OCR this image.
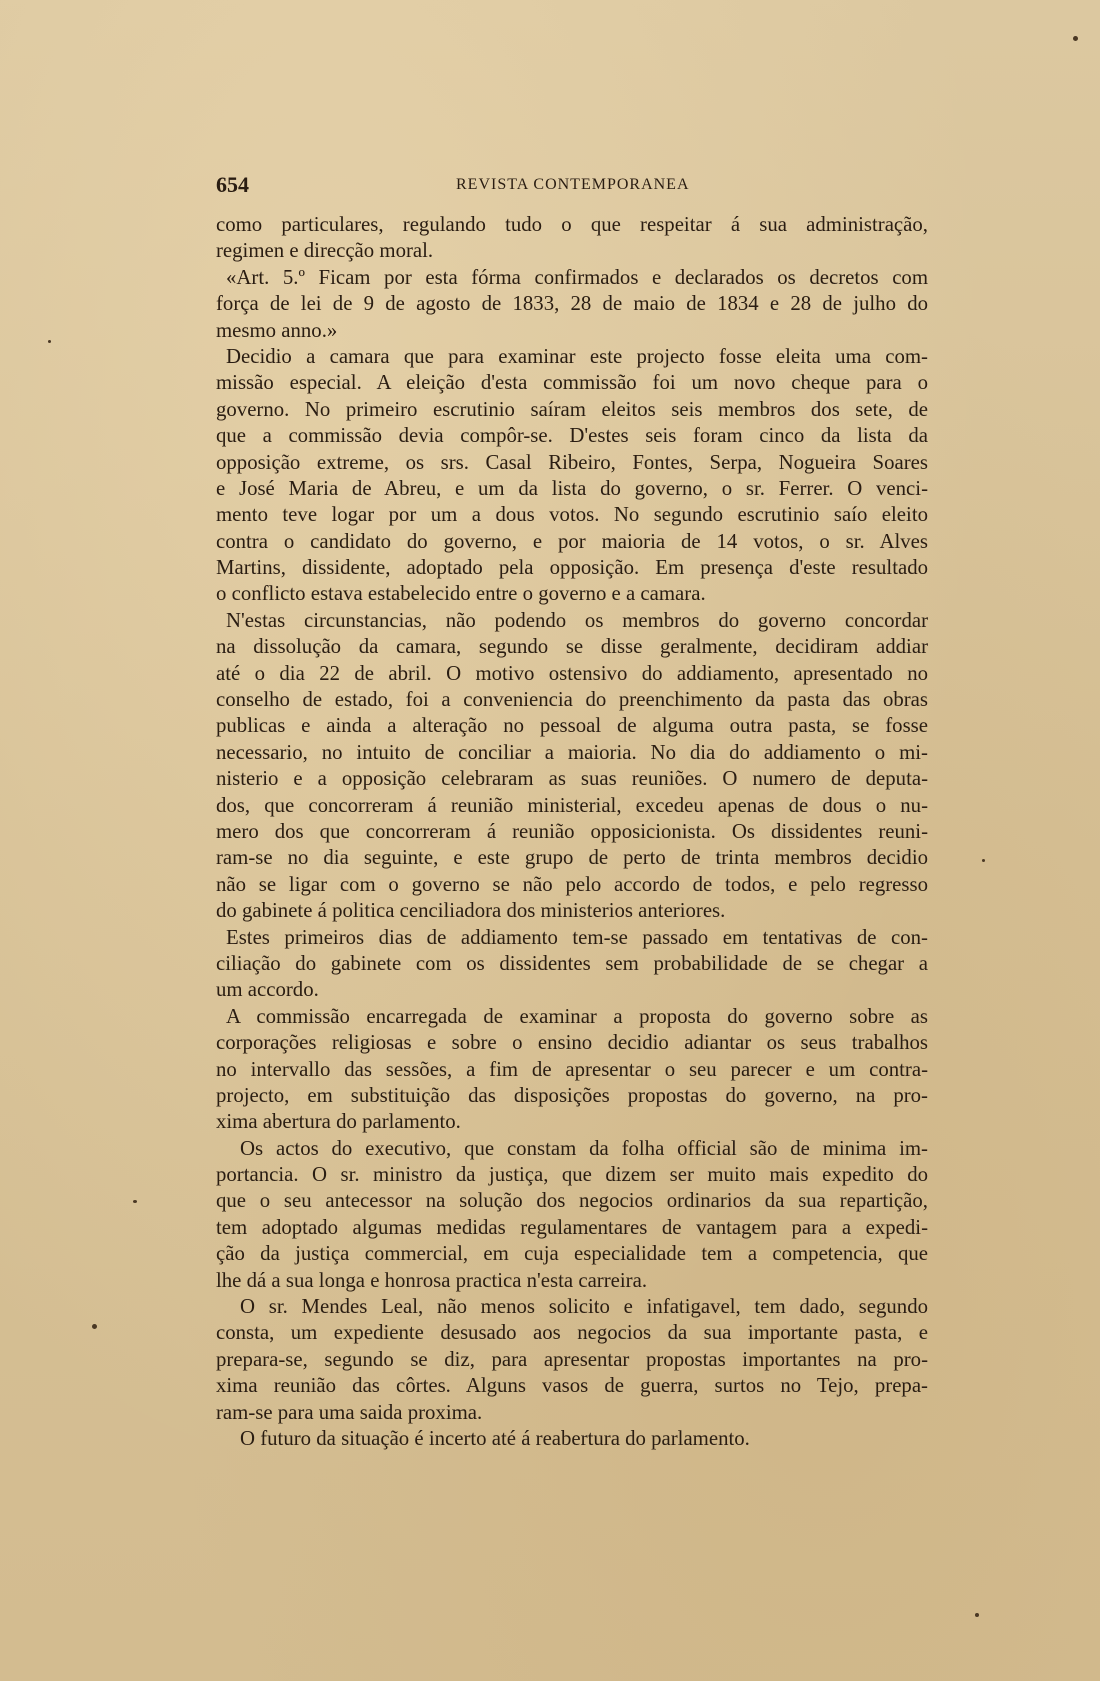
654	REVISTA CONTEMPORANEA
como particulares, regulando tudo o que respeitar á sua administração,
regimen e direcção moral.
«Art. 5.º Ficam por esta fórma confirmados e declarados os decretos com
força de lei de 9 de agosto de 1833, 28 de maio de 1834 e 28 de julho do
mesmo anno.»
Decidio a camara que para examinar este projecto fosse eleita uma com-
missão especial. A eleição d'esta commissão foi um novo cheque para o
governo. No primeiro escrutinio saíram eleitos seis membros dos sete, de
que a commissão devia compôr-se. D'estes seis foram cinco da lista da
opposição extreme, os srs. Casal Ribeiro, Fontes, Serpa, Nogueira Soares
e José Maria de Abreu, e um da lista do governo, o sr. Ferrer. O venci-
mento teve logar por um a dous votos. No segundo escrutinio saío eleito
contra o candidato do governo, e por maioria de 14 votos, o sr. Alves
Martins, dissidente, adoptado pela opposição. Em presença d'este resultado
o conflicto estava estabelecido entre o governo e a camara.
N'estas circunstancias, não podendo os membros do governo concordar
na dissolução da camara, segundo se disse geralmente, decidiram addiar
até o dia 22 de abril. O motivo ostensivo do addiamento, apresentado no
conselho de estado, foi a conveniencia do preenchimento da pasta das obras
publicas e ainda a alteração no pessoal de alguma outra pasta, se fosse
necessario, no intuito de conciliar a maioria. No dia do addiamento o mi-
nisterio e a opposição celebraram as suas reuniões. O numero de deputa-
dos, que concorreram á reunião ministerial, excedeu apenas de dous o nu-
mero dos que concorreram á reunião opposicionista. Os dissidentes reuni-
ram-se no dia seguinte, e este grupo de perto de trinta membros decidio
não se ligar com o governo se não pelo accordo de todos, e pelo regresso
do gabinete á politica cenciliadora dos ministerios anteriores.
Estes primeiros dias de addiamento tem-se passado em tentativas de con-
ciliação do gabinete com os dissidentes sem probabilidade de se chegar a
um accordo.
A commissão encarregada de examinar a proposta do governo sobre as
corporações religiosas e sobre o ensino decidio adiantar os seus trabalhos
no intervallo das sessões, a fim de apresentar o seu parecer e um contra-
projecto, em substituição das disposições propostas do governo, na pro-
xima abertura do parlamento.
Os actos do executivo, que constam da folha official são de minima im-
portancia. O sr. ministro da justiça, que dizem ser muito mais expedito do
que o seu antecessor na solução dos negocios ordinarios da sua repartição,
tem adoptado algumas medidas regulamentares de vantagem para a expedi-
ção da justiça commercial, em cuja especialidade tem a competencia, que
lhe dá a sua longa e honrosa practica n'esta carreira.
O sr. Mendes Leal, não menos solicito e infatigavel, tem dado, segundo
consta, um expediente desusado aos negocios da sua importante pasta, e
prepara-se, segundo se diz, para apresentar propostas importantes na pro-
xima reunião das côrtes. Alguns vasos de guerra, surtos no Tejo, prepa-
ram-se para uma saida proxima.
O futuro da situação é incerto até á reabertura do parlamento.
